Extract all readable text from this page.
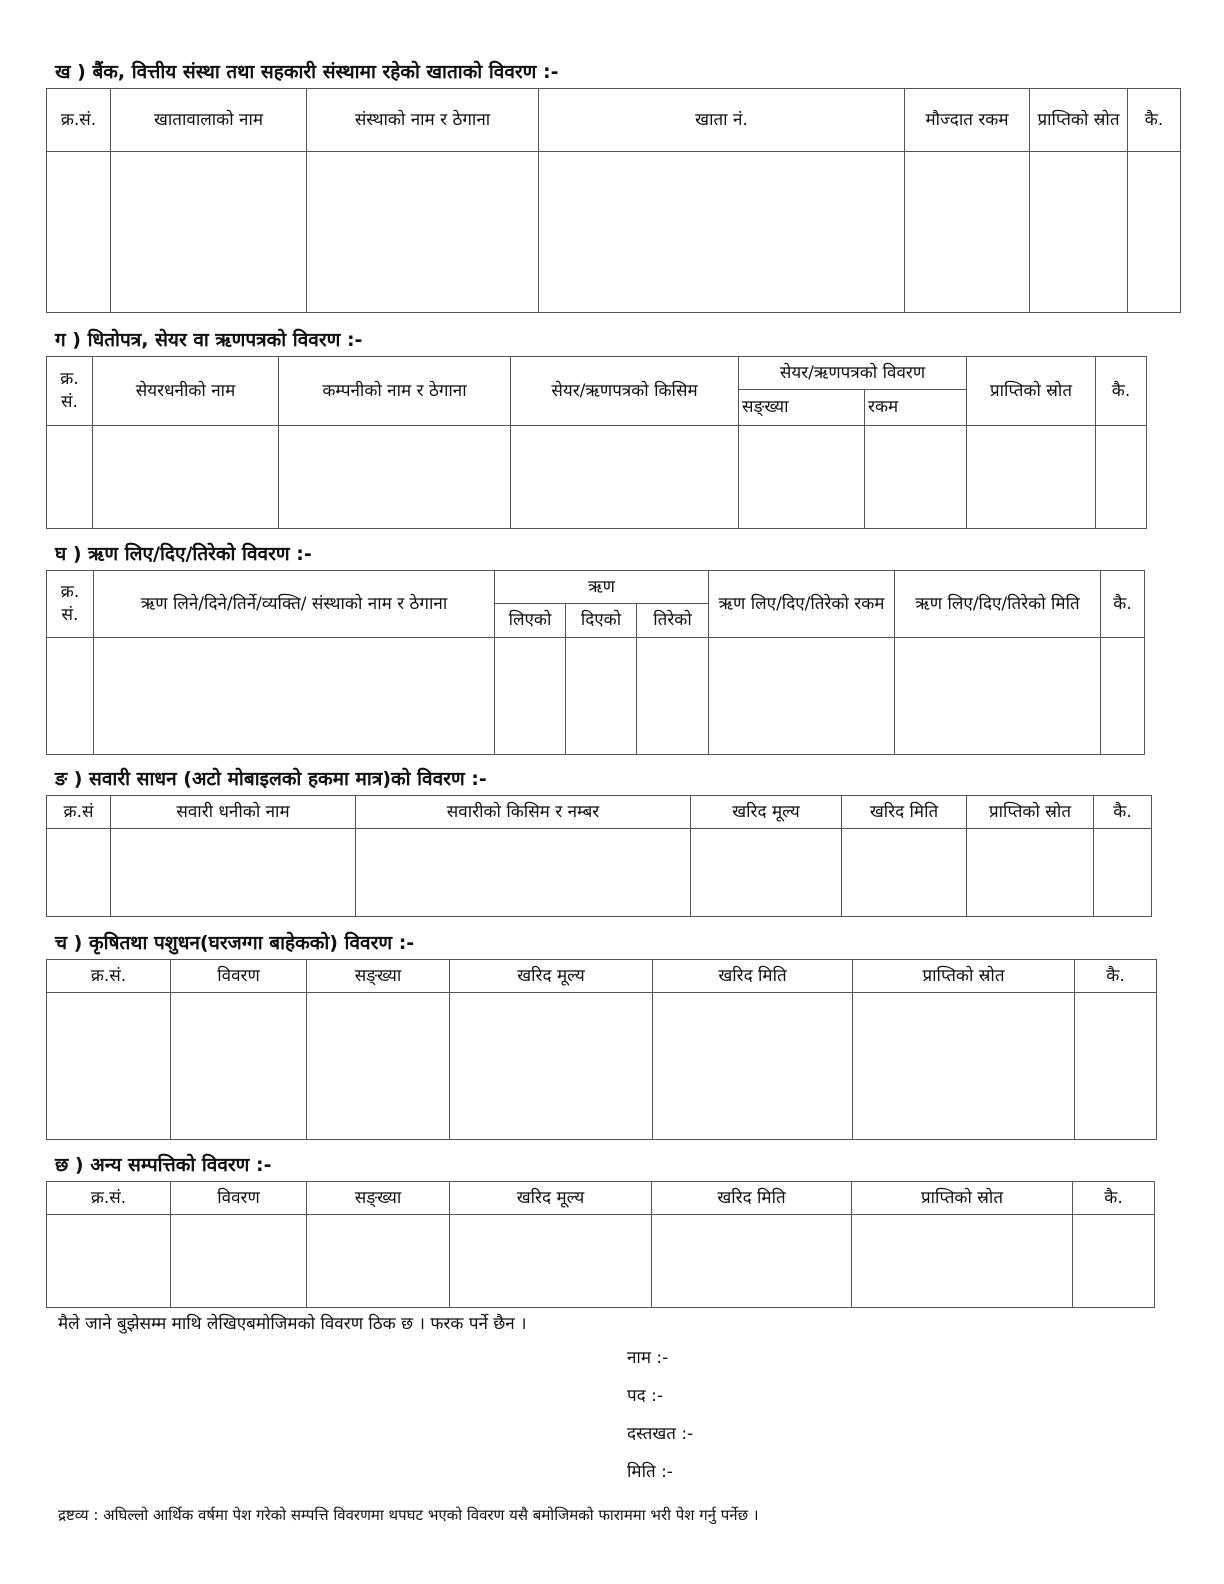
ख ) बैंक, वित्तीय संस्था तथा सहकारी संस्थामा रहेको खाताको विवरण :-
क्र.सं.	खातावालाको नाम	संस्थाको नाम र ठेगाना	खाता नं.	मौज्दात रकम	प्राप्तिको स्रोत	कै.

ग ) धितोपत्र, सेयर वा ऋणपत्रको विवरण :-
क्र. सं.	सेयरधनीको नाम	कम्पनीको नाम र ठेगाना	सेयर/ऋणपत्रको किसिम	सेयर/ऋणपत्रको विवरण		प्राप्तिको स्रोत	कै.
				सङ्ख्या	रकम		

घ ) ऋण लिए/दिए/तिरेको विवरण :-
क्र. सं.	ऋण लिने/दिने/तिर्ने/व्यक्ति/ संस्थाको नाम र ठेगाना	ऋण			ऋण लिए/दिए/तिरेको रकम	ऋण लिए/दिए/तिरेको मिति	कै.
		लिएको	दिएको	तिरेको			

ङ ) सवारी साधन (अटो मोबाइलको हकमा मात्र)को विवरण :-
क्र.सं	सवारी धनीको नाम	सवारीको किसिम र नम्बर	खरिद मूल्य	खरिद मिति	प्राप्तिको स्रोत	कै.

च ) कृषितथा पशुधन(घरजग्गा बाहेकको) विवरण :-
क्र.सं.	विवरण	सङ्ख्या	खरिद मूल्य	खरिद मिति	प्राप्तिको स्रोत	कै.

छ ) अन्य सम्पत्तिको विवरण :-
क्र.सं.	विवरण	सङ्ख्या	खरिद मूल्य	खरिद मिति	प्राप्तिको स्रोत	कै.

मैले जाने बुझेसम्म माथि लेखिएबमोजिमको विवरण ठिक छ । फरक पर्ने छैन ।
नाम :-
पद :-
दस्तखत :-
मिति :-
द्रष्टव्य : अघिल्लो आर्थिक वर्षमा पेश गरेको सम्पत्ति विवरणमा थपघट भएको विवरण यसै बमोजिमको फाराममा भरी पेश गर्नु पर्नेछ ।
